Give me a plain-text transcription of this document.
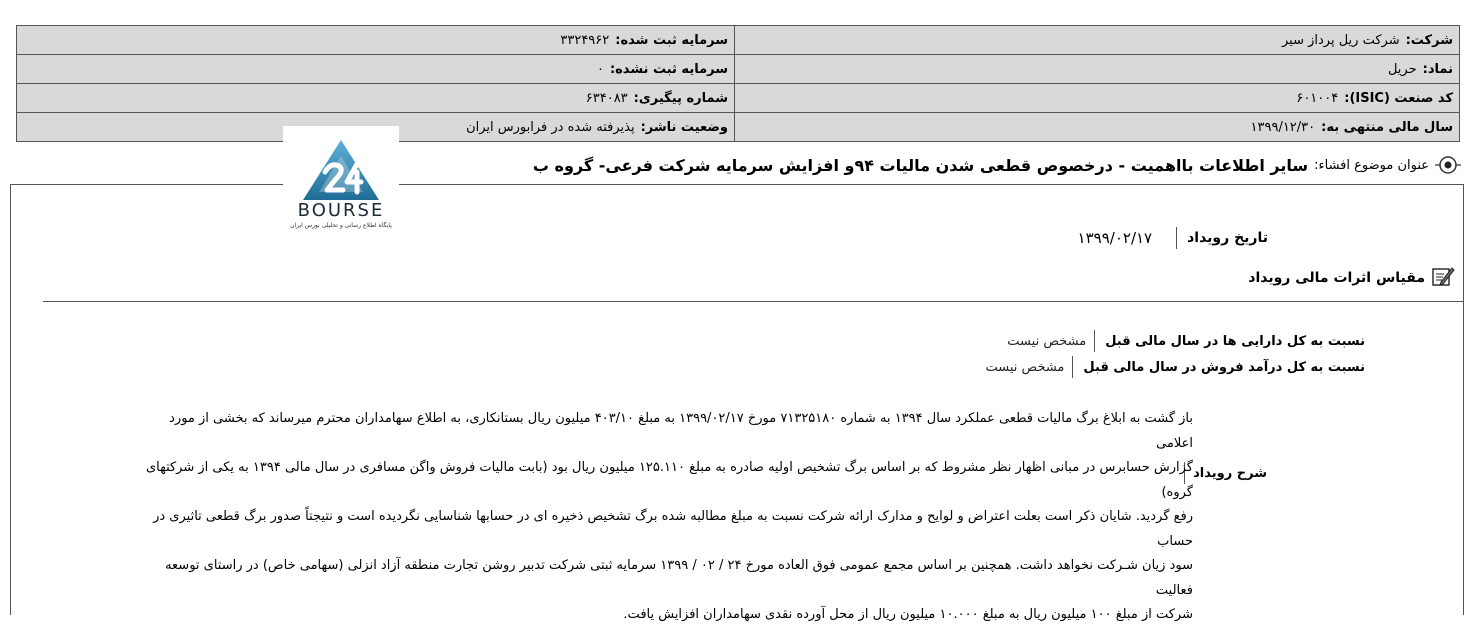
سرمایه ثبت شده:۳۳۲۴۹۶۲	شرکت:شرکت ریل پرداز سیر
سرمایه ثبت نشده:۰	نماد:حریل
شماره پیگیری:۶۳۴۰۸۳	کد صنعت (ISIC):۶۰۱۰۰۴
وضعیت ناشر:پذیرفته شده در فرابورس ایران	سال مالی منتهی به:۱۳۹۹/۱۲/۳۰
عنوان موضوع افشاء:
سایر اطلاعات بااهمیت - درخصوص قطعی شدن مالیات ۹۴و افزایش سرمایه شرکت فرعی- گروه ب
تاریخ رویداد
۱۳۹۹/۰۲/۱۷
مقیاس اثرات مالی رویداد
نسبت به کل دارایی ها در سال مالی قبل
مشخص نیست
نسبت به کل درآمد فروش در سال مالی قبل
مشخص نیست
شرح رویداد
باز گشت به ابلاغ برگ مالیات قطعی عملکرد سال ۱۳۹۴ به شماره ۷۱۳۲۵۱۸۰ مورخ ۱۳۹۹/۰۲/۱۷ به مبلغ ۴۰۳/۱۰ میلیون ریال بستانکاری، به اطلاع سهامداران محترم میرساند که بخشی از مورد اعلامی
گزارش حسابرس در مبانی اظهار نظر مشروط که بر اساس برگ تشخیص اولیه صادره به مبلغ ۱۲۵.۱۱۰ میلیون ریال بود (بابت مالیات فروش واگن مسافری در سال مالی ۱۳۹۴ به یکی از شرکتهای گروه)
رفع گردید. شایان ذکر است بعلت اعتراض و لوایح و مدارک ارائه شرکت نسبت به مبلغ مطالبه شده برگ تشخیص ذخیره ای در حسابها شناسایی نگردیده است و نتیجتاً صدور برگ قطعی تاثیری در حساب
سود زیان شـرکت نخواهد داشت. همچنین بر اساس مجمع عمومی فوق العاده مورخ ۲۴ / ۰۲ / ۱۳۹۹ سرمایه ثبتی شرکت تدبیر روشن تجارت منطقه آزاد انزلی (سهامی خاص) در راستای توسعه فعالیت
شرکت از مبلغ ۱۰۰ میلیون ریال به مبلغ ۱۰.۰۰۰ میلیون ریال از محل آورده نقدی سهامداران افزایش یافت.
BOURSE
پایگاه اطلاع رسانی و تحلیلی بورس ایران
